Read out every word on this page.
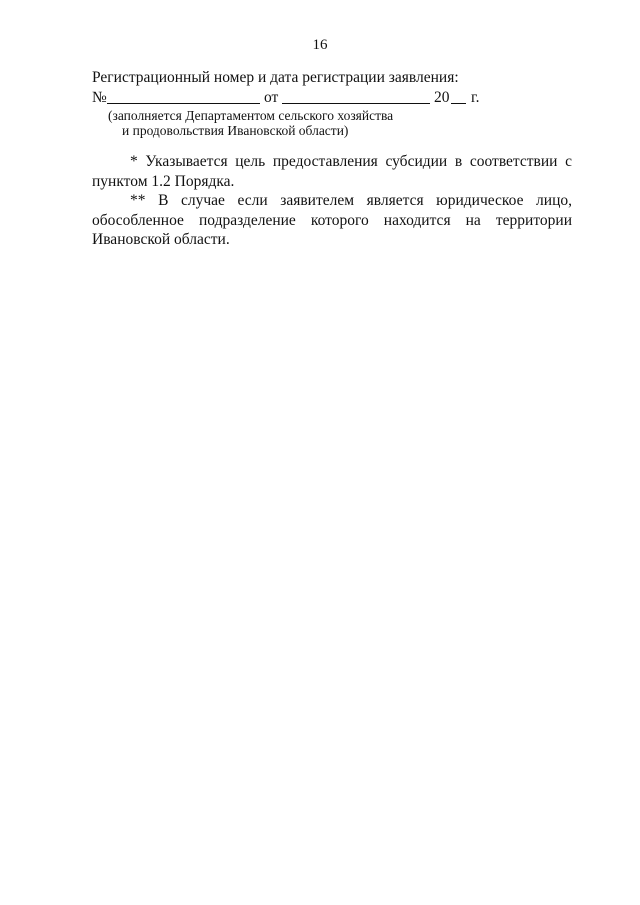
16
Регистрационный номер и дата регистрации заявления:
№	от	20 г.
(заполняется Департаментом сельского хозяйства
и продовольствия Ивановской области)

* Указывается цель предоставления субсидии в соответствии с пунктом 1.2 Порядка.

** В случае если заявителем является юридическое лицо, обособленное подразделение которого находится на территории Ивановской области.
